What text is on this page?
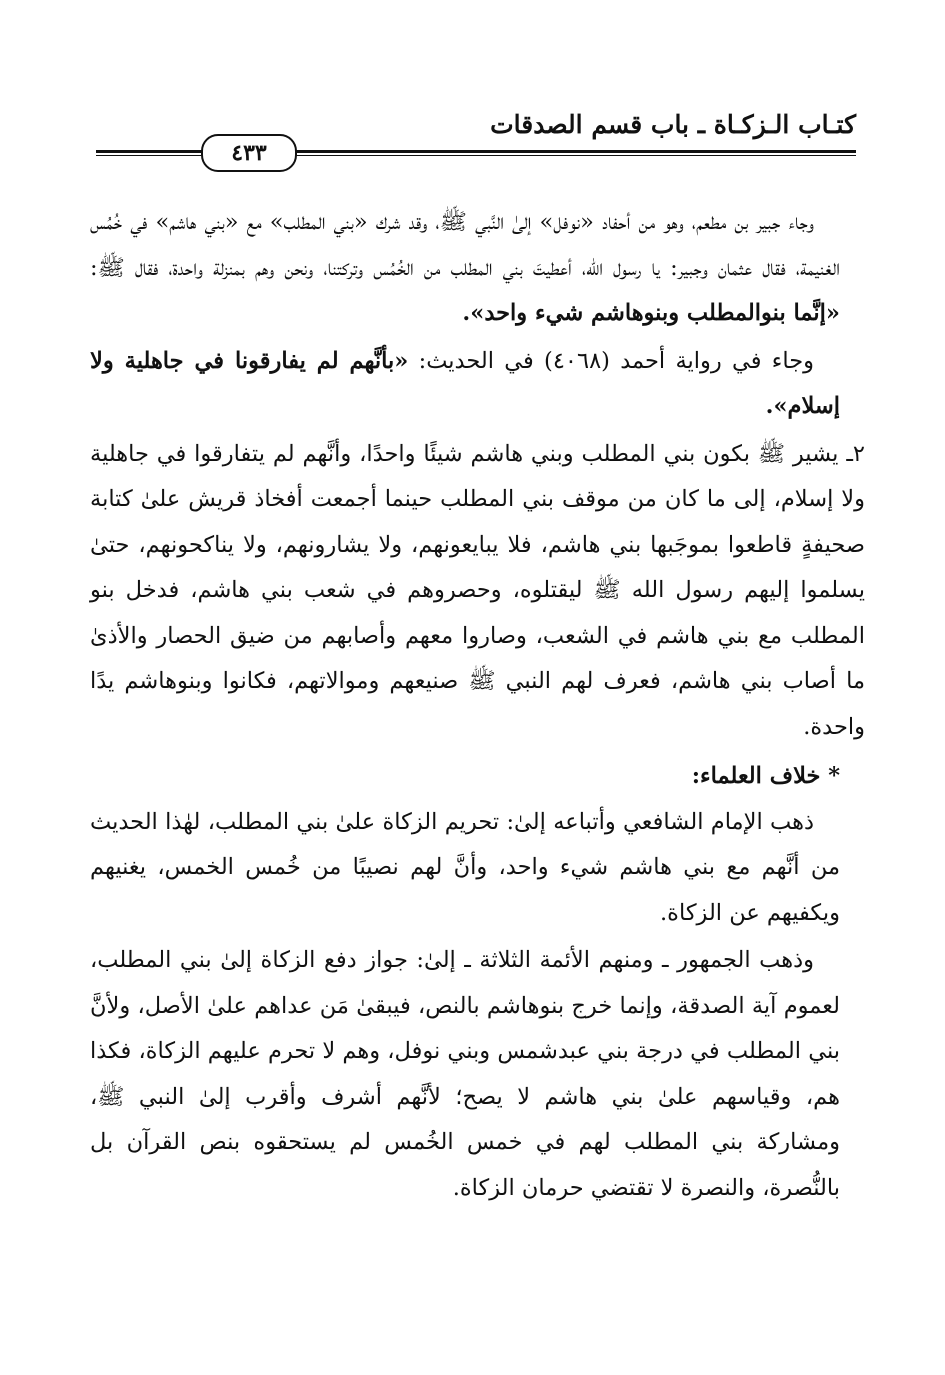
كتـاب الـزكـاة ـ باب قسم الصدقات
٤٣٣

وجاء جبير بن مطعم، وهو من أحفاد «نوفل» إلىٰ النَّبي ﷺ، وقد شرك «بني المطلب» مع «بني هاشم» في خُمُس الغنيمة، فقال عثمان وجبير: يا رسول الله، أعطيتَ بني المطلب من الخُمُس وتركتنا، ونحن وهم بمنزلة واحدة، فقال ﷺ: «إنَّما بنوالمطلب وبنوهاشم شيء واحد».

وجاء في رواية أحمد (٤٠٦٨) في الحديث: «بأنَّهم لم يفارقونا في جاهلية ولا إسلام».

٢ـ يشير ﷺ بكون بني المطلب وبني هاشم شيئًا واحدًا، وأنَّهم لم يتفارقوا في جاهلية ولا إسلام، إلى ما كان من موقف بني المطلب حينما أجمعت أفخاذ قريش علىٰ كتابة صحيفةٍ قاطعوا بموجَبها بني هاشم، فلا يبايعونهم، ولا يشارونهم، ولا يناكحونهم، حتىٰ يسلموا إليهم رسول الله ﷺ ليقتلوه، وحصروهم في شعب بني هاشم، فدخل بنو المطلب مع بني هاشم في الشعب، وصاروا معهم وأصابهم من ضيق الحصار والأذىٰ ما أصاب بني هاشم، فعرف لهم النبي ﷺ صنيعهم وموالاتهم، فكانوا وبنوهاشم يدًا واحدة.

* خلاف العلماء:

ذهب الإمام الشافعي وأتباعه إلىٰ: تحريم الزكاة علىٰ بني المطلب، لهٰذا الحديث من أنَّهم مع بني هاشم شيء واحد، وأنَّ لهم نصيبًا من خُمس الخمس، يغنيهم ويكفيهم عن الزكاة.

وذهب الجمهور ـ ومنهم الأئمة الثلاثة ـ إلىٰ: جواز دفع الزكاة إلىٰ بني المطلب، لعموم آية الصدقة، وإنما خرج بنوهاشم بالنص، فيبقىٰ مَن عداهم علىٰ الأصل، ولأنَّ بني المطلب في درجة بني عبدشمس وبني نوفل، وهم لا تحرم عليهم الزكاة، فكذا هم، وقياسهم علىٰ بني هاشم لا يصح؛ لأنَّهم أشرف وأقرب إلىٰ النبي ﷺ، ومشاركة بني المطلب لهم في خمس الخُمس لم يستحقوه بنص القرآن بل بالنُّصرة، والنصرة لا تقتضي حرمان الزكاة.
